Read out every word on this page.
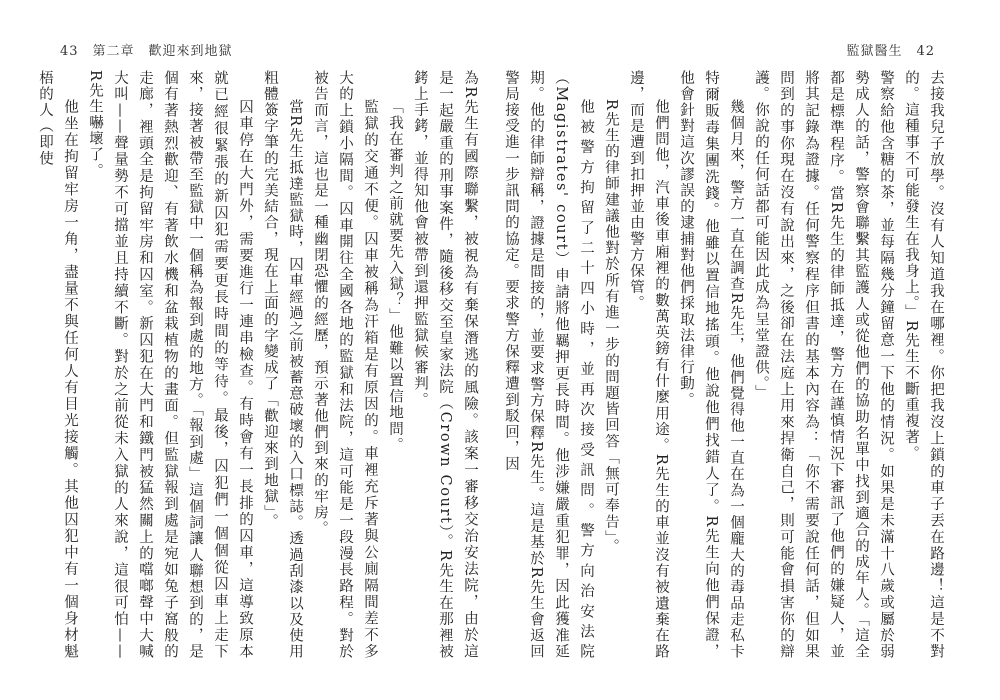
43　第二章　歡迎來到地獄	監獄醫生　42

為R先生有國際聯繫，被視為有棄保潛逃的風險。該案一審移交治安法院，由於這是一起嚴重的刑事案件，隨後移交至皇家法院（Crown Court）。R先生在那裡被銬上手銬，並得知他會被帶到還押監獄候審判。

「我在審判之前就要先入獄？」他難以置信地問。

監獄的交通不便。囚車被稱為汗箱是有原因的。車裡充斥著與公廁隔間差不多大的上鎖小隔間。囚車開往全國各地的監獄和法院，這可能是一段漫長路程。對於被告而言，這也是一種幽閉恐懼的經歷，預示著他們到來的牢房。

當R先生抵達監獄時，囚車經過之前被蓄意破壞的入口標誌。透過刮漆以及使用粗體簽字筆的完美結合，現在上面的字變成了「歡迎來到地獄」。

囚車停在大門外，需要進行一連串檢查。有時會有一長排的囚車，這導致原本就已經很緊張的新囚犯需要更長時間的等待。最後，囚犯們一個個從囚車上走下來，接著被帶至監獄中一個稱為報到處的地方。「報到處」這個詞讓人聯想到的，是個有著熱烈歡迎、有著飲水機和盆栽植物的畫面。但監獄報到處是宛如兔子窩般的走廊，裡頭全是拘留牢房和囚室。新囚犯在大門和鐵門被猛然關上的噹啷聲中大喊大叫——聲量勢不可擋並且持續不斷。對於之前從未入獄的人來說，這很可怕——R先生嚇壞了。

他坐在拘留牢房一角，盡量不與任何人有目光接觸。其他囚犯中有一個身材魁梧的人（即使	去接我兒子放學。沒有人知道我在哪裡。你把我沒上鎖的車子丟在路邊！這是不對的。這種事不可能發生在我身上。」R先生不斷重複著。

警察給他含糖的茶，並每隔幾分鐘留意一下他的情況。如果是未滿十八歲或屬於弱勢成人的話，警察會聯繫其監護人或從他們的協助名單中找到適合的成年人。「這全都是標準程序。當R先生的律師抵達，警方在謹慎情況下審訊了他們的嫌疑人，並將其記錄為證據。任何警察程序但書的基本內容為：「你不需要說任何話，但如果問到的事你現在沒有說出來，之後卻在法庭上用來捍衛自己，則可能會損害你的辯護。你說的任何話都可能因此成為呈堂證供。」

幾個月來，警方一直在調查R先生，他們覺得他一直在為一個龐大的毒品走私卡特爾販毒集團洗錢。他雖以置信地搖頭。他說他們找錯人了。R先生向他們保證，他會針對這次謬誤的逮捕對他們採取法律行動。

他們問他，汽車後車廂裡的數萬英鎊有什麼用途。R先生的車並沒有被遺棄在路邊，而是遭到扣押並由警方保管。

R先生的律師建議他對於所有進一步的問題皆回答「無可奉告」。

他被警方拘留了二十四小時，並再次接受訊問。警方向治安法院（Magistrates' court）申請將他羈押更長時間。他涉嫌嚴重犯罪，因此獲准延期。他的律師辯稱，證據是間接的，並要求警方保釋R先生。這是基於R先生會返回警局接受進一步訊問的協定。要求警方保釋遭到駁回，因
